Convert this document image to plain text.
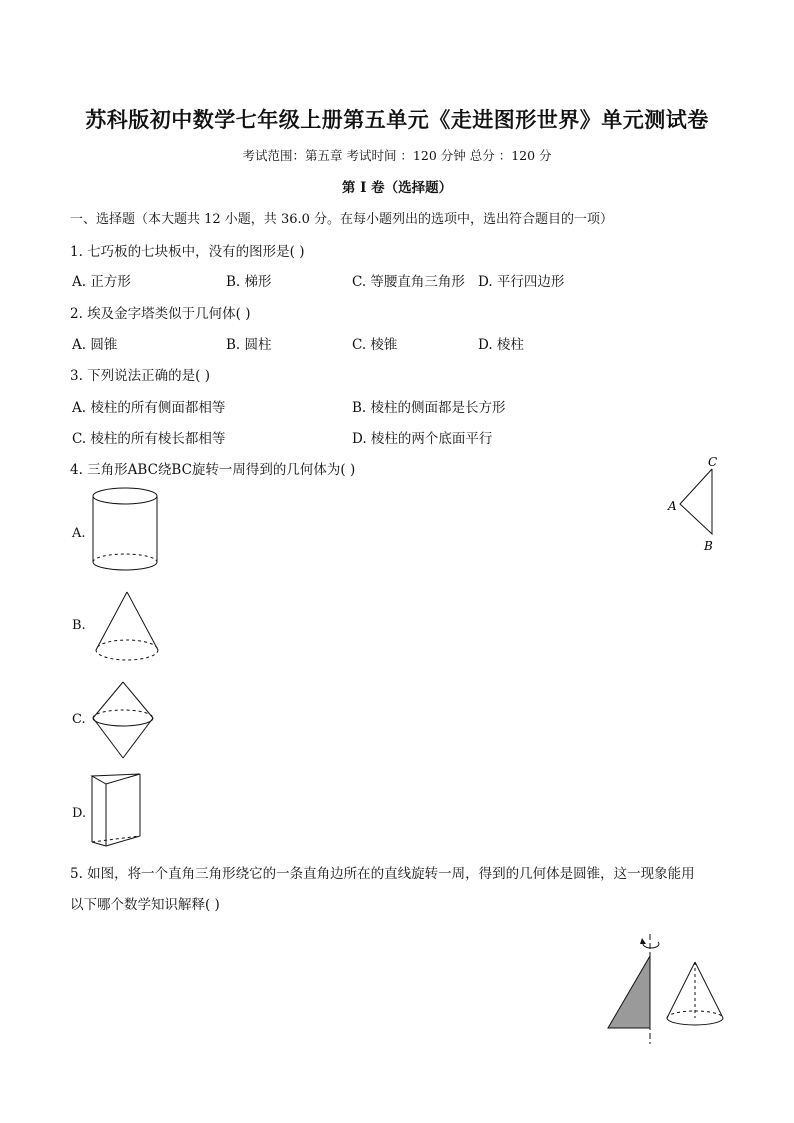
苏科版初中数学七年级上册第五单元《走进图形世界》单元测试卷
考试范围：第五章 考试时间 ：120 分钟 总分 ：120 分
第 I 卷（选择题）
一、选择题（本大题共 12 小题，共 36.0 分。在每小题列出的选项中，选出符合题目的一项）
1. 七巧板的七块板中，没有的图形是( )
A. 正方形	B. 梯形	C. 等腰直角三角形 D. 平行四边形
2. 埃及金字塔类似于几何体( )
A. 圆锥	B. 圆柱	C. 棱锥	D. 棱柱
3. 下列说法正确的是( )
A. 棱柱的所有侧面都相等	B. 棱柱的侧面都是长方形
C. 棱柱的所有棱长都相等	D. 棱柱的两个底面平行
4. 三角形ABC绕BC旋转一周得到的几何体为( )
A
B
C
A.
B.
C.
D.
5. 如图，将一个直角三角形绕它的一条直角边所在的直线旋转一周，得到的几何体是圆锥，这一现象能用
以下哪个数学知识解释( )
